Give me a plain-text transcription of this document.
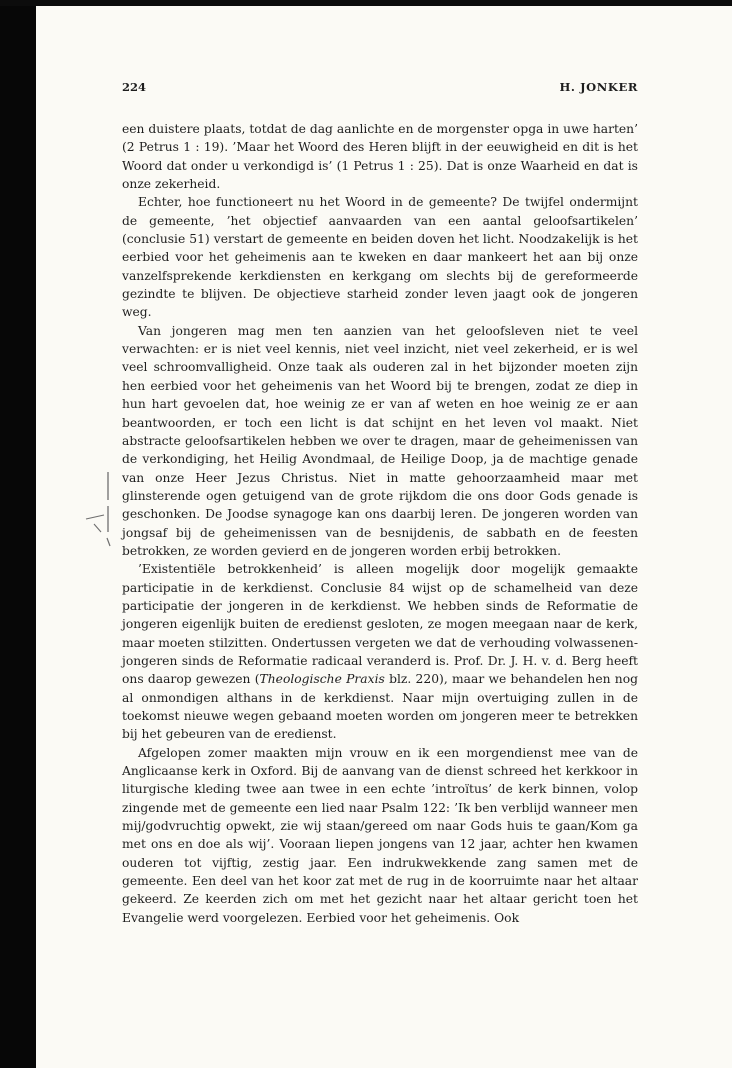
224	H. JONKER

een duistere plaats, totdat de dag aanlichte en de morgenster opga in uwe harten’ (2 Petrus 1 : 19). ’Maar het Woord des Heren blijft in der eeuwigheid en dit is het Woord dat onder u verkondigd is’ (1 Petrus 1 : 25). Dat is onze Waarheid en dat is onze zekerheid.

Echter, hoe functioneert nu het Woord in de gemeente? De twijfel ondermijnt de gemeente, ’het objectief aanvaarden van een aantal geloofsartikelen’ (conclusie 51) verstart de gemeente en beiden doven het licht. Noodzakelijk is het eerbied voor het geheimenis aan te kweken en daar mankeert het aan bij onze vanzelfsprekende kerkdiensten en kerkgang om slechts bij de gereformeerde gezindte te blijven. De objectieve starheid zonder leven jaagt ook de jongeren weg.

Van jongeren mag men ten aanzien van het geloofsleven niet te veel verwachten: er is niet veel kennis, niet veel inzicht, niet veel zekerheid, er is wel veel schroomvalligheid. Onze taak als ouderen zal in het bijzonder moeten zijn hen eerbied voor het geheimenis van het Woord bij te brengen, zodat ze diep in hun hart gevoelen dat, hoe weinig ze er van af weten en hoe weinig ze er aan beantwoorden, er toch een licht is dat schijnt en het leven vol maakt. Niet abstracte geloofsartikelen hebben we over te dragen, maar de geheimenissen van de verkondiging, het Heilig Avondmaal, de Heilige Doop, ja de machtige genade van onze Heer Jezus Christus. Niet in matte gehoorzaamheid maar met glinsterende ogen getuigend van de grote rijkdom die ons door Gods genade is geschonken. De Joodse synagoge kan ons daarbij leren. De jongeren worden van jongsaf bij de geheimenissen van de besnijdenis, de sabbath en de feesten betrokken, ze worden gevierd en de jongeren worden erbij betrokken.

’Existentiële betrokkenheid’ is alleen mogelijk door mogelijk gemaakte participatie in de kerkdienst. Conclusie 84 wijst op de schamelheid van deze participatie der jongeren in de kerkdienst. We hebben sinds de Reformatie de jongeren eigenlijk buiten de eredienst gesloten, ze mogen meegaan naar de kerk, maar moeten stilzitten. Ondertussen vergeten we dat de verhouding volwassenen-jongeren sinds de Reformatie radicaal veranderd is. Prof. Dr. J. H. v. d. Berg heeft ons daarop gewezen (Theologische Praxis blz. 220), maar we behandelen hen nog al onmondigen althans in de kerkdienst. Naar mijn overtuiging zullen in de toekomst nieuwe wegen gebaand moeten worden om jongeren meer te betrekken bij het gebeuren van de eredienst.

Afgelopen zomer maakten mijn vrouw en ik een morgendienst mee van de Anglicaanse kerk in Oxford. Bij de aanvang van de dienst schreed het kerkkoor in liturgische kleding twee aan twee in een echte ’introïtus’ de kerk binnen, volop zingende met de gemeente een lied naar Psalm 122: ’Ik ben verblijd wanneer men mij/godvruchtig opwekt, zie wij staan/gereed om naar Gods huis te gaan/Kom ga met ons en doe als wij’. Vooraan liepen jongens van 12 jaar, achter hen kwamen ouderen tot vijftig, zestig jaar. Een indrukwekkende zang samen met de gemeente. Een deel van het koor zat met de rug in de koorruimte naar het altaar gekeerd. Ze keerden zich om met het gezicht naar het altaar gericht toen het Evangelie werd voorgelezen. Eerbied voor het geheimenis. Ook
